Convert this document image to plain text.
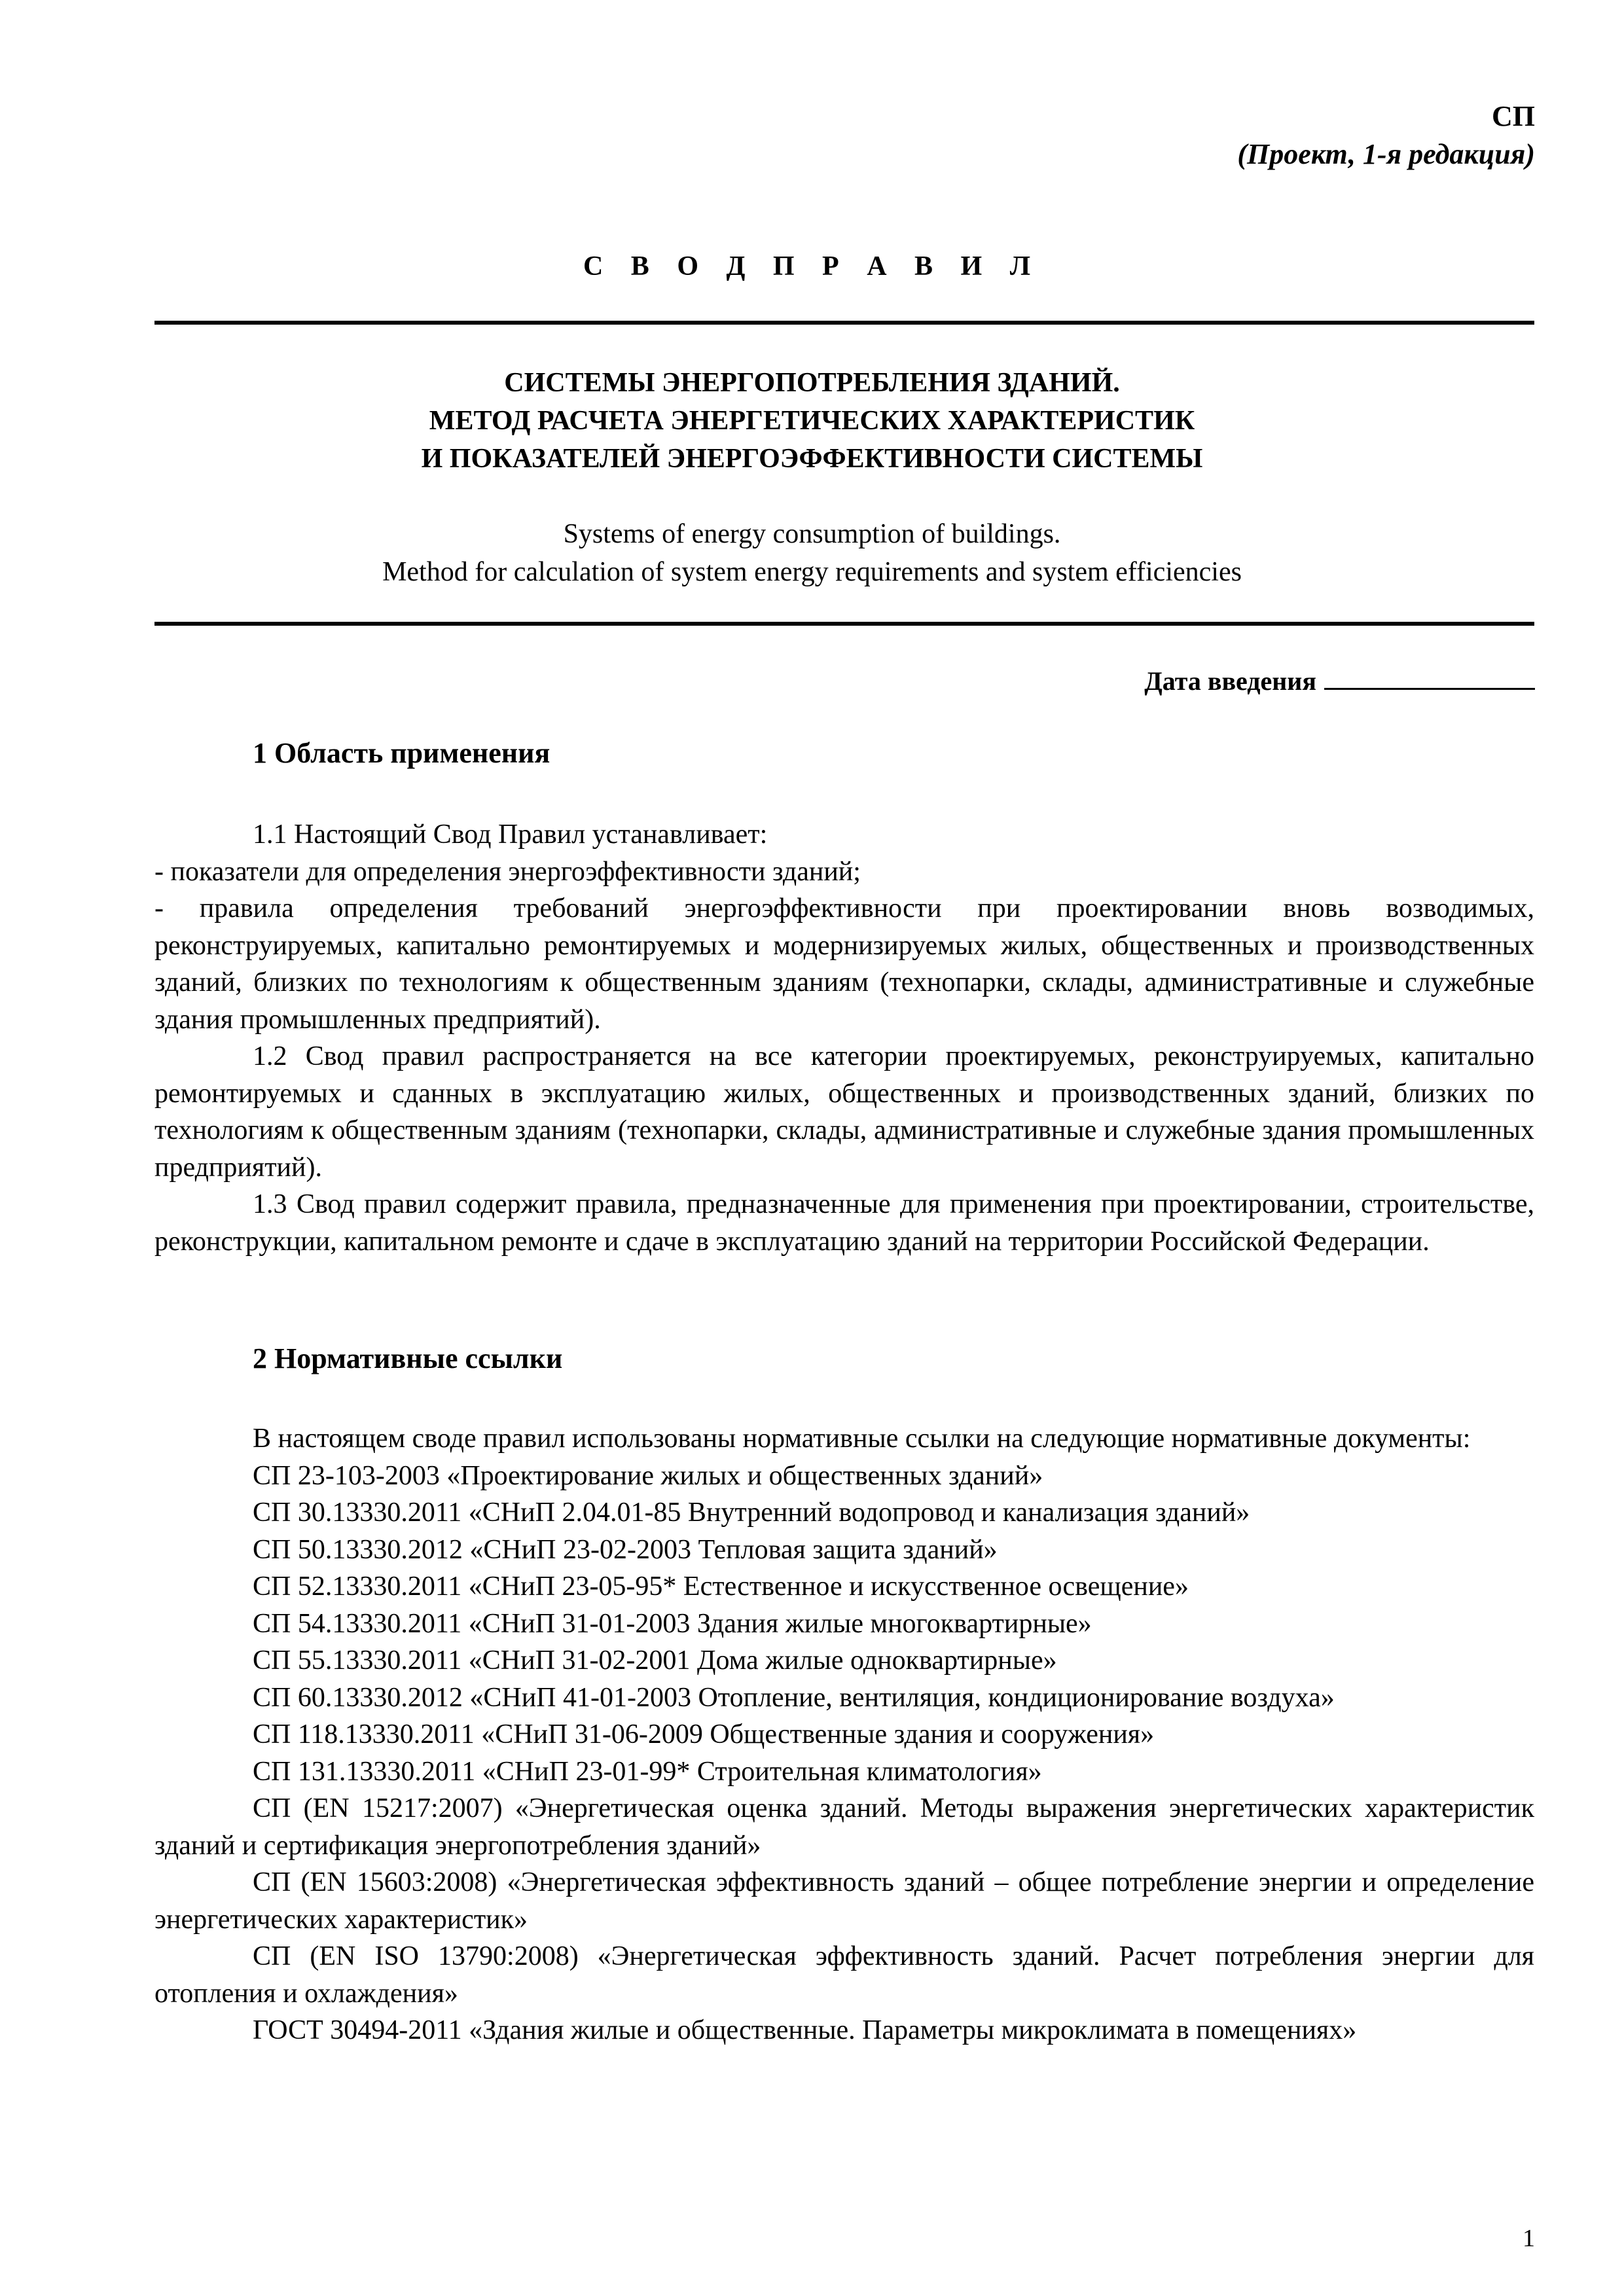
СП
(Проект, 1-я редакция)
С В О Д П Р А В И Л
СИСТЕМЫ ЭНЕРГОПОТРЕБЛЕНИЯ ЗДАНИЙ.
МЕТОД РАСЧЕТА ЭНЕРГЕТИЧЕСКИХ ХАРАКТЕРИСТИК
И ПОКАЗАТЕЛЕЙ ЭНЕРГОЭФФЕКТИВНОСТИ СИСТЕМЫ
Systems of energy consumption of buildings.
Method for calculation of system energy requirements and system efficiencies
Дата введения
1 Область применения

1.1 Настоящий Свод Правил устанавливает:

- показатели для определения энергоэффективности зданий;

- правила определения требований энергоэффективности при проектировании вновь возводимых, реконструируемых, капитально ремонтируемых и модернизируемых жилых, общественных и производственных зданий, близких по технологиям к общественным зданиям (технопарки, склады, административные и служебные здания промышленных предприятий).

1.2 Свод правил распространяется на все категории проектируемых, реконструируемых, капитально ремонтируемых и сданных в эксплуатацию жилых, общественных и производственных зданий, близких по технологиям к общественным зданиям (технопарки, склады, административные и служебные здания промышленных предприятий).

1.3 Свод правил содержит правила, предназначенные для применения при проектировании, строительстве, реконструкции, капитальном ремонте и сдаче в эксплуатацию зданий на территории Российской Федерации.

2 Нормативные ссылки

В настоящем своде правил использованы нормативные ссылки на следующие нормативные документы:

СП 23-103-2003 «Проектирование жилых и общественных зданий»

СП 30.13330.2011 «СНиП 2.04.01-85 Внутренний водопровод и канализация зданий»

СП 50.13330.2012 «СНиП 23-02-2003 Тепловая защита зданий»

СП 52.13330.2011 «СНиП 23-05-95* Естественное и искусственное освещение»

СП 54.13330.2011 «СНиП 31-01-2003 Здания жилые многоквартирные»

СП 55.13330.2011 «СНиП 31-02-2001 Дома жилые одноквартирные»

СП 60.13330.2012 «СНиП 41-01-2003 Отопление, вентиляция, кондиционирование воздуха»

СП 118.13330.2011 «СНиП 31-06-2009 Общественные здания и сооружения»

СП 131.13330.2011 «СНиП 23-01-99* Строительная климатология»

СП (EN 15217:2007) «Энергетическая оценка зданий. Методы выражения энергетических характеристик зданий и сертификация энергопотребления зданий»

СП (EN 15603:2008) «Энергетическая эффективность зданий – общее потребление энергии и определение энергетических характеристик»

СП (EN ISO 13790:2008) «Энергетическая эффективность зданий. Расчет потребления энергии для отопления и охлаждения»

ГОСТ 30494-2011 «Здания жилые и общественные. Параметры микроклимата в помещениях»

1
